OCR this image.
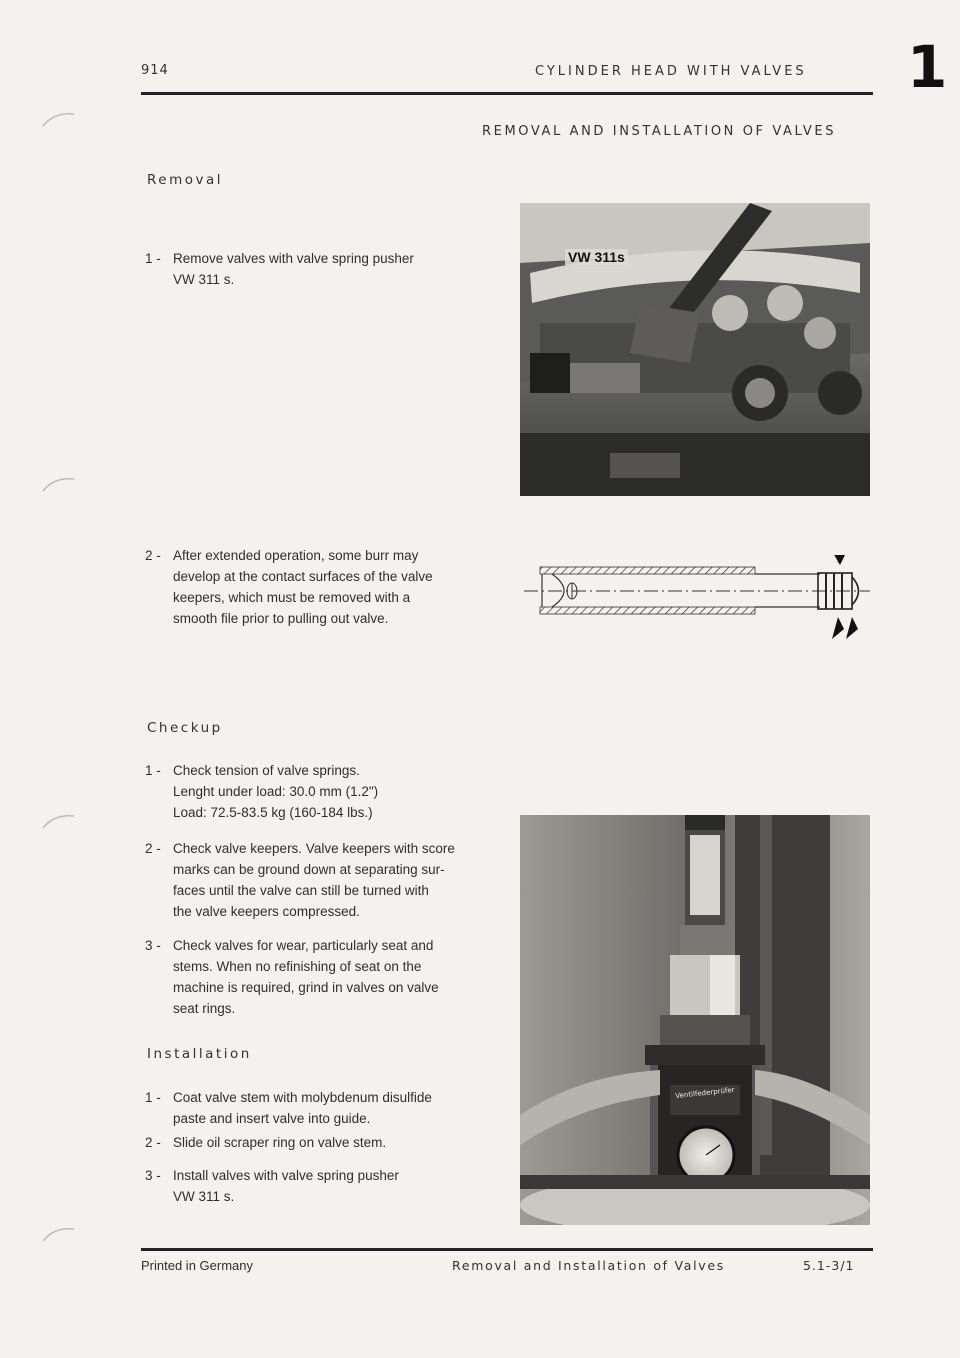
914	CYLINDER HEAD WITH VALVES 1
REMOVAL AND INSTALLATION OF VALVES
Removal
1 - Remove valves with valve spring pusher
VW 311 s.
2 - After extended operation, some burr may
develop at the contact surfaces of the valve
keepers, which must be removed with a
smooth file prior to pulling out valve.
VW 311s
Checkup
1 - Check tension of valve springs.
Lenght under load: 30.0 mm (1.2")
Load: 72.5-83.5 kg (160-184 lbs.)
2 - Check valve keepers. Valve keepers with score
marks can be ground down at separating sur-
faces until the valve can still be turned with
the valve keepers compressed.
3 - Check valves for wear, particularly seat and
stems. When no refinishing of seat on the
machine is required, grind in valves on valve
seat rings.
Installation
1 - Coat valve stem with molybdenum disulfide
paste and insert valve into guide.
2 - Slide oil scraper ring on valve stem.
3 - Install valves with valve spring pusher
VW 311 s.
Ventilfederprüfer
Printed in Germany	Removal and Installation of Valves	5.1-3/1
